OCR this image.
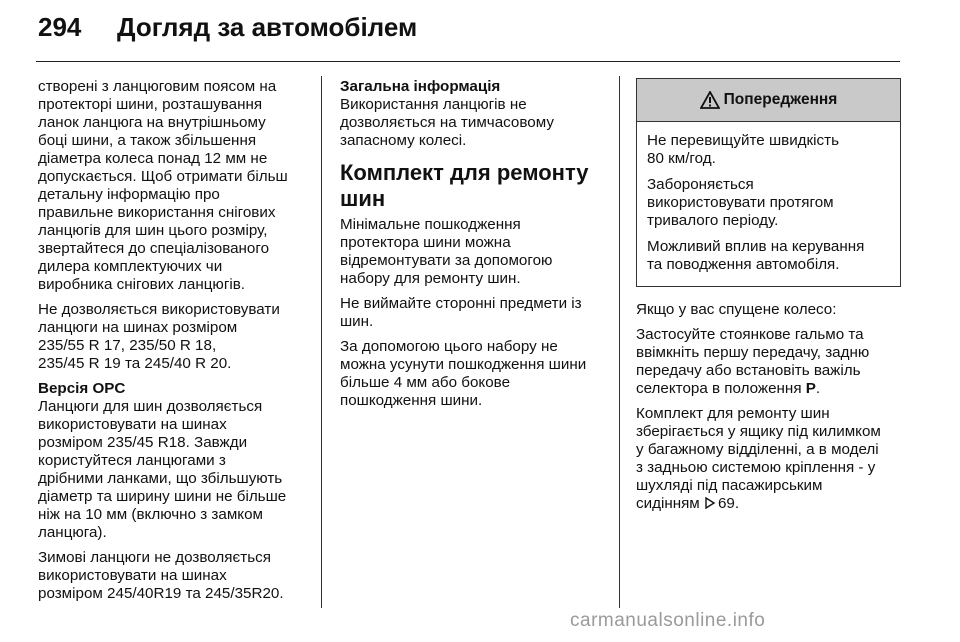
294 Догляд за автомобілем

створені з ланцюговим поясом на
протекторі шини, розташування
ланок ланцюга на внутрішньому
боці шини, а також збільшення
діаметра колеса понад 12 мм не
допускається. Щоб отримати більш
детальну інформацію про
правильне використання снігових
ланцюгів для шин цього розміру,
звертайтеся до спеціалізованого
дилера комплектуючих чи
виробника снігових ланцюгів.

Не дозволяється використовувати
ланцюги на шинах розміром
235/55 R 17, 235/50 R 18,
235/45 R 19 та 245/40 R 20.

Версія OPC

Ланцюги для шин дозволяється
використовувати на шинах
розміром 235/45 R18. Завжди
користуйтеся ланцюгами з
дрібними ланками, що збільшують
діаметр та ширину шини не більше
ніж на 10 мм (включно з замком
ланцюга).

Зимові ланцюги не дозволяється
використовувати на шинах
розміром 245/40R19 та 245/35R20.

Загальна інформація

Використання ланцюгів не
дозволяється на тимчасовому
запасному колесі.

Комплект для ремонту
шин

Мінімальне пошкодження
протектора шини можна
відремонтувати за допомогою
набору для ремонту шин.

Не виймайте сторонні предмети із
шин.

За допомогою цього набору не
можна усунути пошкодження шини
більше 4 мм або бокове
пошкодження шини.

Попередження

Не перевищуйте швидкість
80 км/год.

Забороняється
використовувати протягом
тривалого періоду.

Можливий вплив на керування
та поводження автомобіля.

Якщо у вас спущене колесо:

Застосуйте стоянкове гальмо та
ввімкніть першу передачу, задню
передачу або встановіть важіль
селектора в положення P.

Комплект для ремонту шин
зберігається у ящику під килимком
у багажному відділенні, а в моделі
з задньою системою кріплення - у
шухляді під пасажирським
сидінням 69.

carmanualsonline.info
